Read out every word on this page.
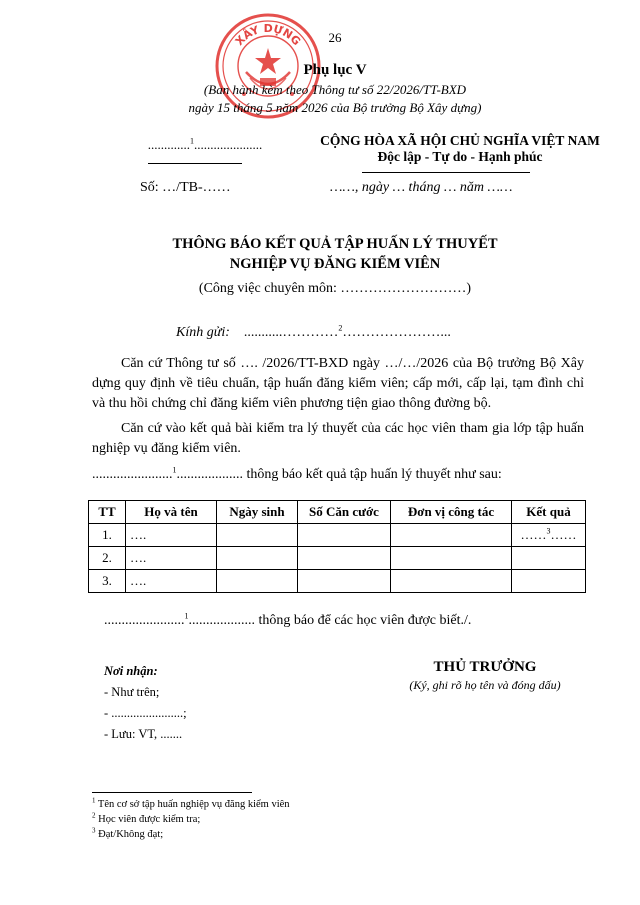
XÂY DỰNG	26
Phụ lục V
(Ban hành kèm theo Thông tư số 22/2026/TT-BXD
ngày 15 tháng 5 năm 2026 của Bộ trưởng Bộ Xây dựng)
.............$^1$.....................	CỘNG HÒA XÃ HỘI CHỦ NGHĨA VIỆT NAM
Độc lập - Tự do - Hạnh phúc
Số: …/TB-……	……, ngày … tháng … năm ……
THÔNG BÁO KẾT QUẢ TẬP HUẤN LÝ THUYẾT
NGHIỆP VỤ ĐĂNG KIỂM VIÊN
(Công việc chuyên môn: ………………………)
Kính gửi: ...........…………$^2$…………………...
Căn cứ Thông tư số …. /2026/TT-BXD ngày …/…/2026 của Bộ trưởng Bộ Xây dựng quy định về tiêu chuẩn, tập huấn đăng kiểm viên; cấp mới, cấp lại, tạm đình chỉ và thu hồi chứng chỉ đăng kiểm viên phương tiện giao thông đường bộ.
Căn cứ vào kết quả bài kiểm tra lý thuyết của các học viên tham gia lớp tập huấn nghiệp vụ đăng kiểm viên.
.......................$^1$................... thông báo kết quả tập huấn lý thuyết như sau:
TT	Họ và tên	Ngày sinh	Số Căn cước	Đơn vị công tác	Kết quả
1.	….				……$^3$……
2.	….				
3.	….				
.......................$^1$................... thông báo để các học viên được biết./.
Nơi nhận:
- Như trên;
- .......................;
- Lưu: VT, .......
THỦ TRƯỞNG
(Ký, ghi rõ họ tên và đóng dấu)
$^1$ Tên cơ sở tập huấn nghiệp vụ đăng kiểm viên
$^2$ Học viên được kiểm tra;
$^3$ Đạt/Không đạt;
